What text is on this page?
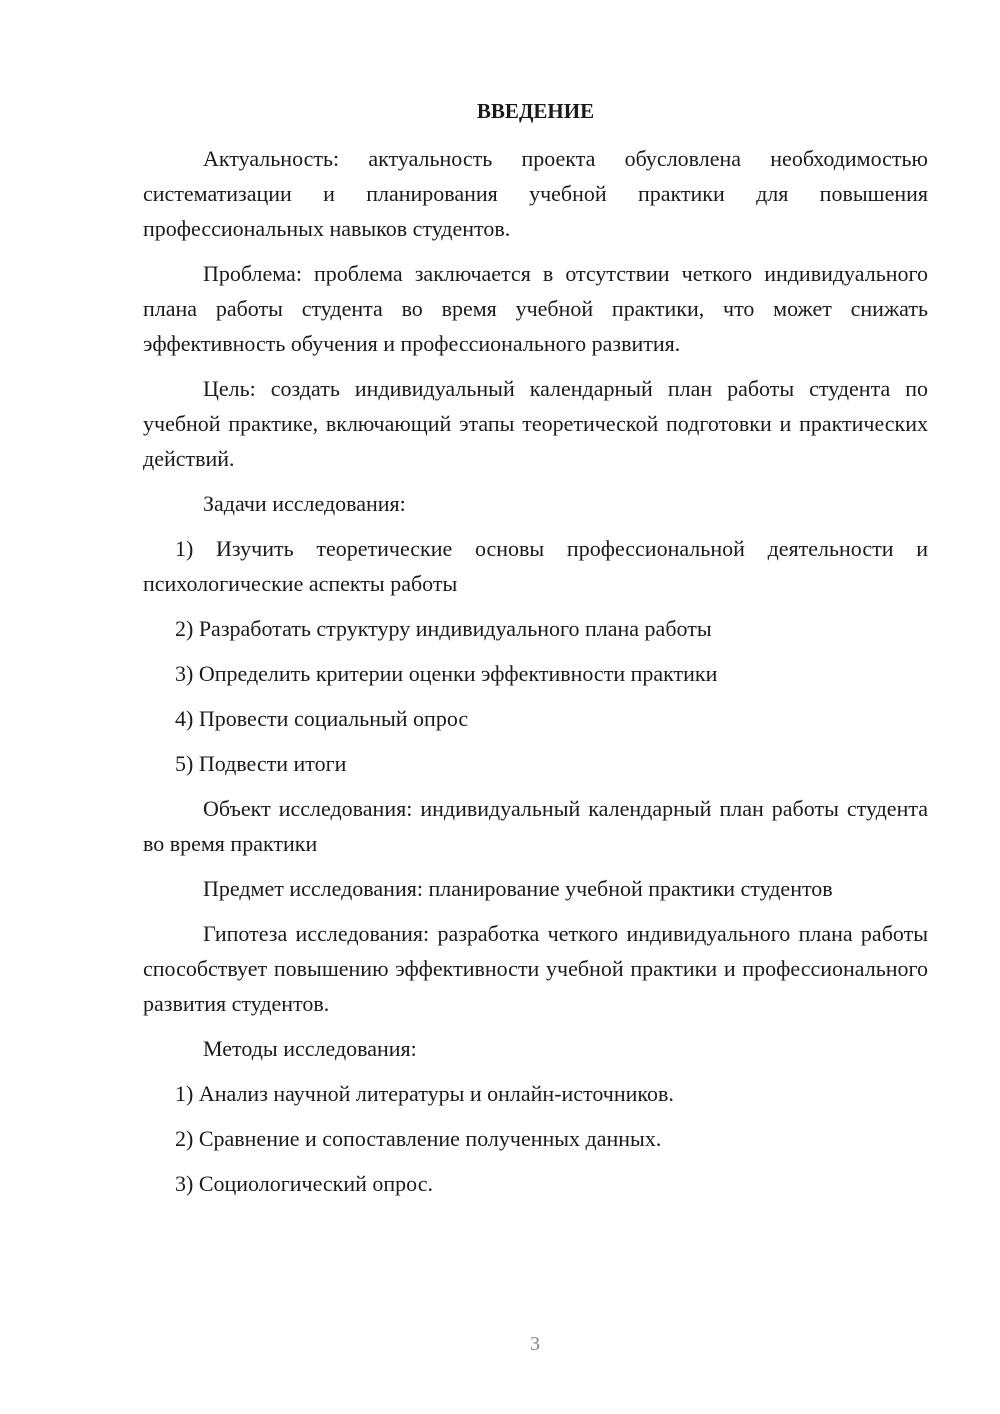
ВВЕДЕНИЕ

Актуальность: актуальность проекта обусловлена необходимостью систематизации и планирования учебной практики для повышения профессиональных навыков студентов.

Проблема: проблема заключается в отсутствии четкого индивидуального плана работы студента во время учебной практики, что может снижать эффективность обучения и профессионального развития.

Цель: создать индивидуальный календарный план работы студента по учебной практике, включающий этапы теоретической подготовки и практических действий.

Задачи исследования:

1) Изучить теоретические основы профессиональной деятельности и психологические аспекты работы

2) Разработать структуру индивидуального плана работы

3) Определить критерии оценки эффективности практики

4) Провести социальный опрос

5) Подвести итоги

Объект исследования: индивидуальный календарный план работы студента во время практики

Предмет исследования: планирование учебной практики студентов

Гипотеза исследования: разработка четкого индивидуального плана работы способствует повышению эффективности учебной практики и профессионального развития студентов.

Методы исследования:

1) Анализ научной литературы и онлайн-источников.

2) Сравнение и сопоставление полученных данных.

3) Социологический опрос.

3
